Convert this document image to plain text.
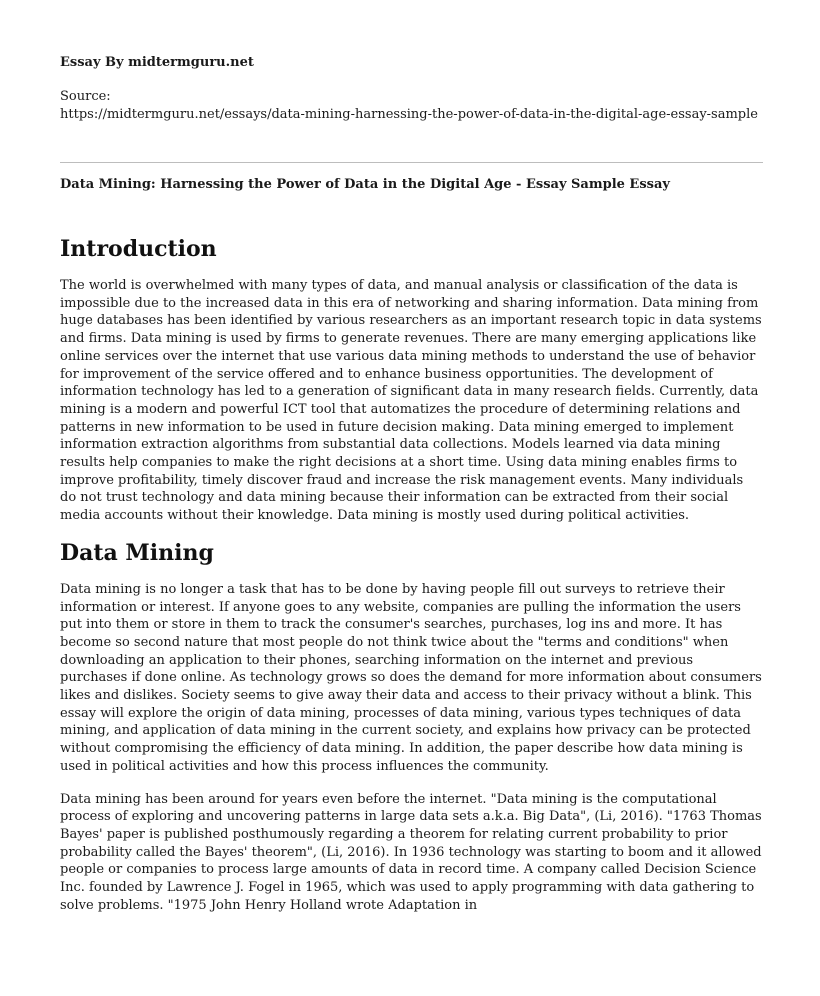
Essay By midtermguru.net

Source:
https://midtermguru.net/essays/data-mining-harnessing-the-power-of-data-in-the-digital-age-essay-sample

Data Mining: Harnessing the Power of Data in the Digital Age - Essay Sample Essay

Introduction

The world is overwhelmed with many types of data, and manual analysis or classification of the data is impossible due to the increased data in this era of networking and sharing information. Data mining from huge databases has been identified by various researchers as an important research topic in data systems and firms. Data mining is used by firms to generate revenues. There are many emerging applications like online services over the internet that use various data mining methods to understand the use of behavior for improvement of the service offered and to enhance business opportunities. The development of information technology has led to a generation of significant data in many research fields. Currently, data mining is a modern and powerful ICT tool that automatizes the procedure of determining relations and patterns in new information to be used in future decision making. Data mining emerged to implement information extraction algorithms from substantial data collections. Models learned via data mining results help companies to make the right decisions at a short time. Using data mining enables firms to improve profitability, timely discover fraud and increase the risk management events. Many individuals do not trust technology and data mining because their information can be extracted from their social media accounts without their knowledge. Data mining is mostly used during political activities.

Data Mining

Data mining is no longer a task that has to be done by having people fill out surveys to retrieve their information or interest. If anyone goes to any website, companies are pulling the information the users put into them or store in them to track the consumer's searches, purchases, log ins and more. It has become so second nature that most people do not think twice about the "terms and conditions" when downloading an application to their phones, searching information on the internet and previous purchases if done online. As technology grows so does the demand for more information about consumers likes and dislikes. Society seems to give away their data and access to their privacy without a blink. This essay will explore the origin of data mining, processes of data mining, various types techniques of data mining, and application of data mining in the current society, and explains how privacy can be protected without compromising the efficiency of data mining. In addition, the paper describe how data mining is used in political activities and how this process influences the community.

Data mining has been around for years even before the internet. "Data mining is the computational process of exploring and uncovering patterns in large data sets a.k.a. Big Data", (Li, 2016). "1763 Thomas Bayes' paper is published posthumously regarding a theorem for relating current probability to prior probability called the Bayes' theorem", (Li, 2016). In 1936 technology was starting to boom and it allowed people or companies to process large amounts of data in record time. A company called Decision Science Inc. founded by Lawrence J. Fogel in 1965, which was used to apply programming with data gathering to solve problems. "1975 John Henry Holland wrote Adaptation in
